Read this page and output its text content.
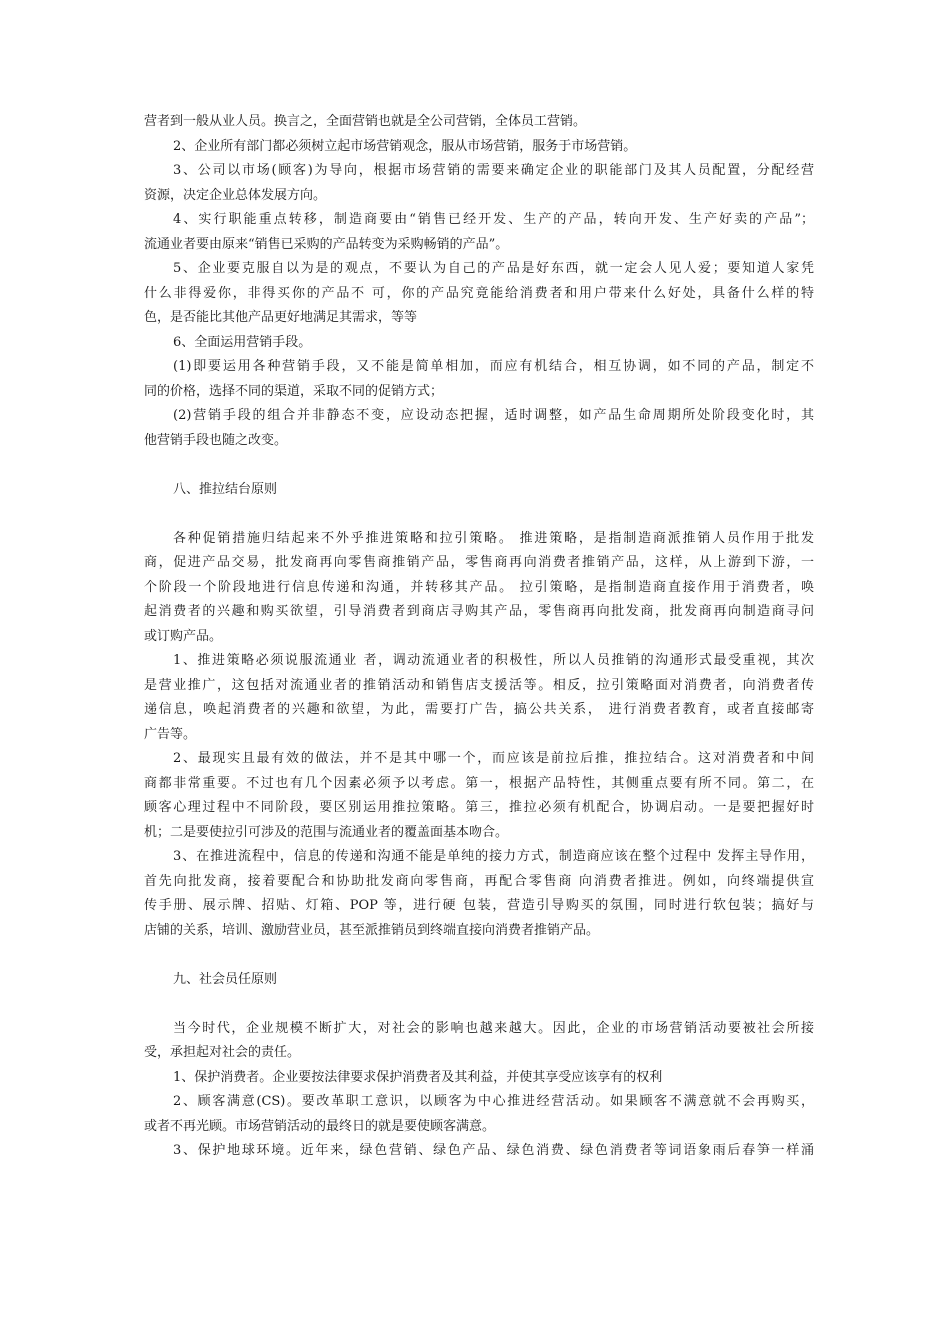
营者到一般从业人员。换言之，全面营销也就是全公司营销，全体员工营销。
2、企业所有部门都必须树立起市场营销观念，服从市场营销，服务于市场营销。
3、公司以市场(顾客)为导向，根据市场营销的需要来确定企业的职能部门及其人员配置，分配经营
资源，决定企业总体发展方向。
4、实行职能重点转移，制造商要由“销售已经开发、生产的产品，转向开发、生产好卖的产品”；
流通业者要由原来“销售已采购的产品转变为采购畅销的产品”。
5、企业要克服自以为是的观点，不要认为自己的产品是好东西，就一定会人见人爱；要知道人家凭
什么非得爱你，非得买你的产品不 可，你的产品究竟能给消费者和用户带来什么好处，具备什么样的特
色，是否能比其他产品更好地满足其需求，等等
6、全面运用营销手段。
(1)即要运用各种营销手段，又不能是简单相加，而应有机结合，相互协调，如不同的产品，制定不
同的价格，选择不同的渠道，采取不同的促销方式；
(2)营销手段的组合并非静态不变，应设动态把握，适时调整，如产品生命周期所处阶段变化时，其
他营销手段也随之改变。
八、推拉结台原则
各种促销措施归结起来不外乎推进策略和拉引策略。 推进策略，是指制造商派推销人员作用于批发
商，促进产品交易，批发商再向零售商推销产品，零售商再向消费者推销产品，这样，从上游到下游，一
个阶段一个阶段地进行信息传递和沟通，并转移其产品。 拉引策略，是指制造商直接作用于消费者，唤
起消费者的兴趣和购买欲望，引导消费者到商店寻购其产品，零售商再向批发商，批发商再向制造商寻问
或订购产品。
1、推进策略必须说服流通业 者，调动流通业者的积极性，所以人员推销的沟通形式最受重视，其次
是营业推广，这包括对流通业者的推销活动和销售店支援活等。相反，拉引策略面对消费者，向消费者传
递信息，唤起消费者的兴趣和欲望，为此，需要打广告，搞公共关系， 进行消费者教育，或者直接邮寄
广告等。
2、最现实且最有效的做法，并不是其中哪一个，而应该是前拉后推，推拉结合。这对消费者和中间
商都非常重要。不过也有几个因素必须予以考虑。第一，根据产品特性，其侧重点要有所不同。第二，在
顾客心理过程中不同阶段，要区别运用推拉策略。第三，推拉必须有机配合，协调启动。一是要把握好时
机；二是要使拉引可涉及的范围与流通业者的覆盖面基本吻合。
3、在推进流程中，信息的传递和沟通不能是单纯的接力方式，制造商应该在整个过程中 发挥主导作用，
首先向批发商，接着要配合和协助批发商向零售商，再配合零售商 向消费者推进。例如，向终端提供宣
传手册、展示牌、招贴、灯箱、POP 等，进行硬 包装，营造引导购买的氛围，同时进行软包装；搞好与
店铺的关系，培训、激励营业员，甚至派推销员到终端直接向消费者推销产品。
九、社会员任原则
当今时代，企业规模不断扩大，对社会的影响也越来越大。因此，企业的市场营销活动要被社会所接
受，承担起对社会的责任。
1、保护消费者。企业要按法律要求保护消费者及其利益，并使其享受应该享有的权利
2、顾客满意(CS)。要改革职工意识，以顾客为中心推进经营活动。如果顾客不满意就不会再购买，
或者不再光顾。市场营销活动的最终日的就是要使顾客满意。
3、保护地球环境。近年来，绿色营销、绿色产品、绿色消费、绿色消费者等词语象雨后春笋一样涌
